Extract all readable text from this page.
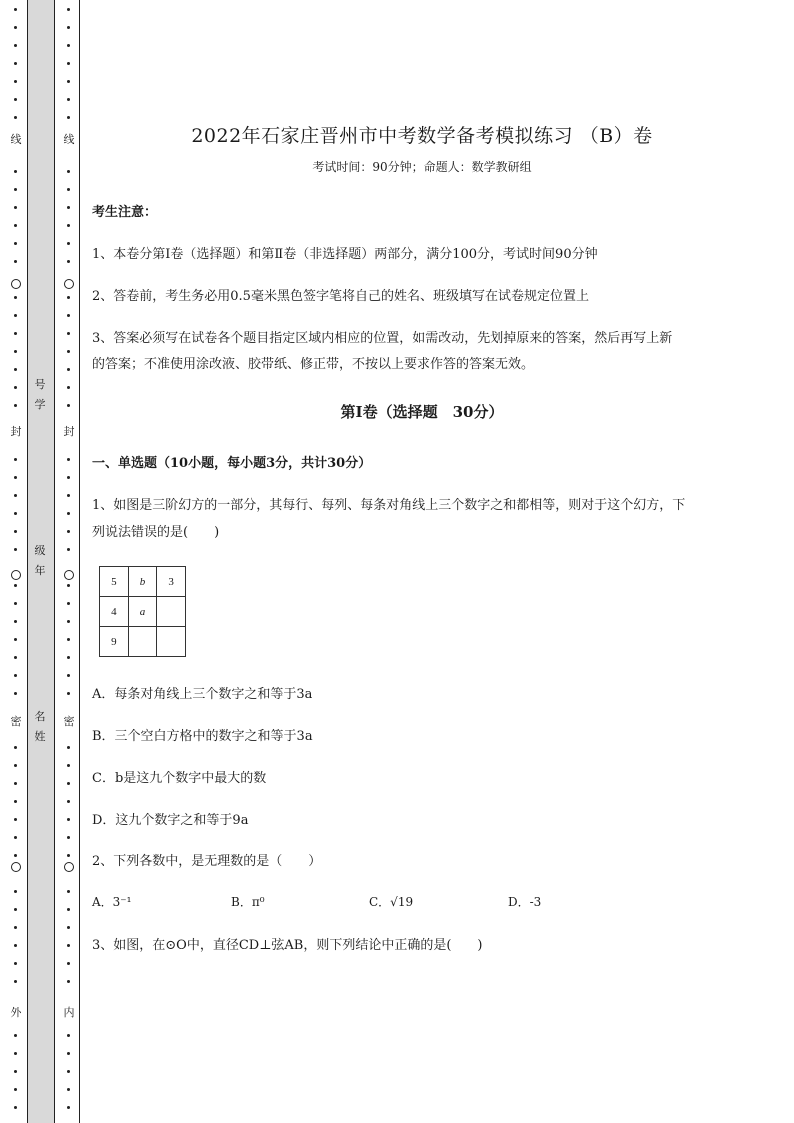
线
封
密
外
线
封
密
内
号
学
级
年
名
姓
2022年石家庄晋州市中考数学备考模拟练习 （B）卷
考试时间：90分钟；命题人：数学教研组
考生注意：
1、本卷分第I卷（选择题）和第Ⅱ卷（非选择题）两部分，满分100分，考试时间90分钟
2、答卷前，考生务必用0.5毫米黑色签字笔将自己的姓名、班级填写在试卷规定位置上
3、答案必须写在试卷各个题目指定区域内相应的位置，如需改动，先划掉原来的答案，然后再写上新
的答案；不准使用涂改液、胶带纸、修正带，不按以上要求作答的答案无效。
第I卷（选择题　30分）
一、单选题（10小题，每小题3分，共计30分）
1、如图是三阶幻方的一部分，其每行、每列、每条对角线上三个数字之和都相等，则对于这个幻方，下
列说法错误的是(　　)
A．每条对角线上三个数字之和等于3a
B．三个空白方格中的数字之和等于3a
C．b是这九个数字中最大的数
D．这九个数字之和等于9a
2、下列各数中，是无理数的是（　　）
A．3⁻¹	B．π⁰	C．√19	D．-3
3、如图，在⊙O中，直径CD⊥弦AB，则下列结论中正确的是(　　)
5	b	3
4	a	
9		
